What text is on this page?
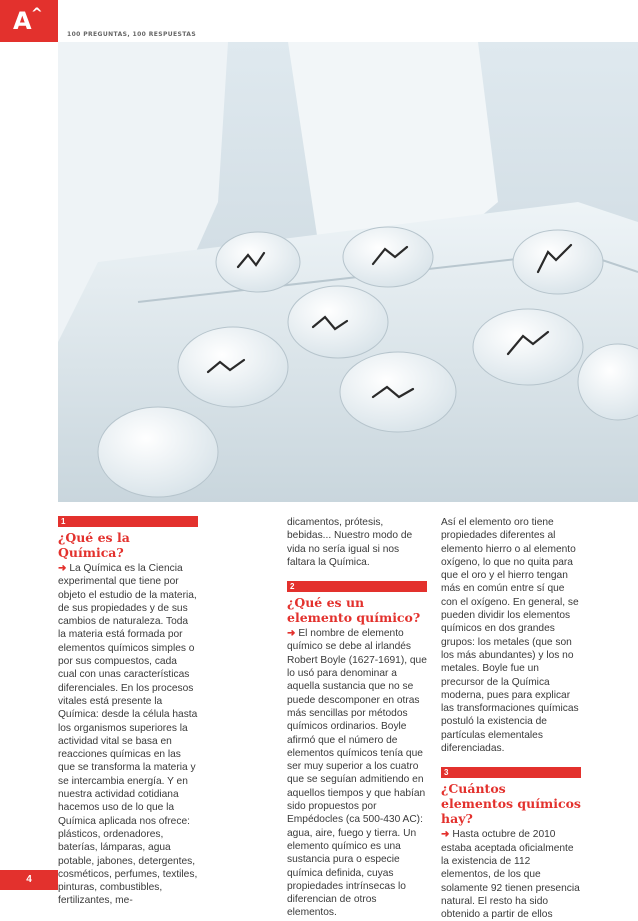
A ^
100 PREGUNTAS, 100 RESPUESTAS
1
¿Qué es la Química?

➜ La Química es la Ciencia experimental que tiene por objeto el estudio de la materia, de sus propiedades y de sus cambios de naturaleza. Toda la materia está formada por elementos químicos simples o por sus compuestos, cada cual con unas características diferenciales. En los procesos vitales está presente la Química: desde la célula hasta los organismos superiores la actividad vital se basa en reacciones químicas en las que se transforma la materia y se intercambia energía. Y en nuestra actividad cotidiana hacemos uso de lo que la Química aplicada nos ofrece: plásticos, ordenadores, baterías, lámparas, agua potable, jabones, detergentes, cosméticos, perfumes, textiles, pinturas, combustibles, fertilizantes, me-

dicamentos, prótesis, bebidas... Nuestro modo de vida no sería igual si nos faltara la Química.

2
¿Qué es un elemento químico?

➜ El nombre de elemento químico se debe al irlandés Robert Boyle (1627-1691), que lo usó para denominar a aquella sustancia que no se puede descomponer en otras más sencillas por métodos químicos ordinarios. Boyle afirmó que el número de elementos químicos tenía que ser muy superior a los cuatro que se seguían admitiendo en aquellos tiempos y que habían sido propuestos por Empédocles (ca 500-430 AC): agua, aire, fuego y tierra. Un elemento químico es una sustancia pura o especie química definida, cuyas propiedades intrínsecas lo diferencian de otros elementos.

Así el elemento oro tiene propiedades diferentes al elemento hierro o al elemento oxígeno, lo que no quita para que el oro y el hierro tengan más en común entre sí que con el oxígeno. En general, se pueden dividir los elementos químicos en dos grandes grupos: los metales (que son los más abundantes) y los no metales. Boyle fue un precursor de la Química moderna, pues para explicar las transformaciones químicas postuló la existencia de partículas elementales diferenciadas.

3
¿Cuántos elementos químicos hay?

➜ Hasta octubre de 2010 estaba aceptada oficialmente la existencia de 112 elementos, de los que solamente 92 tienen presencia natural. El resto ha sido obtenido a partir de ellos

4
